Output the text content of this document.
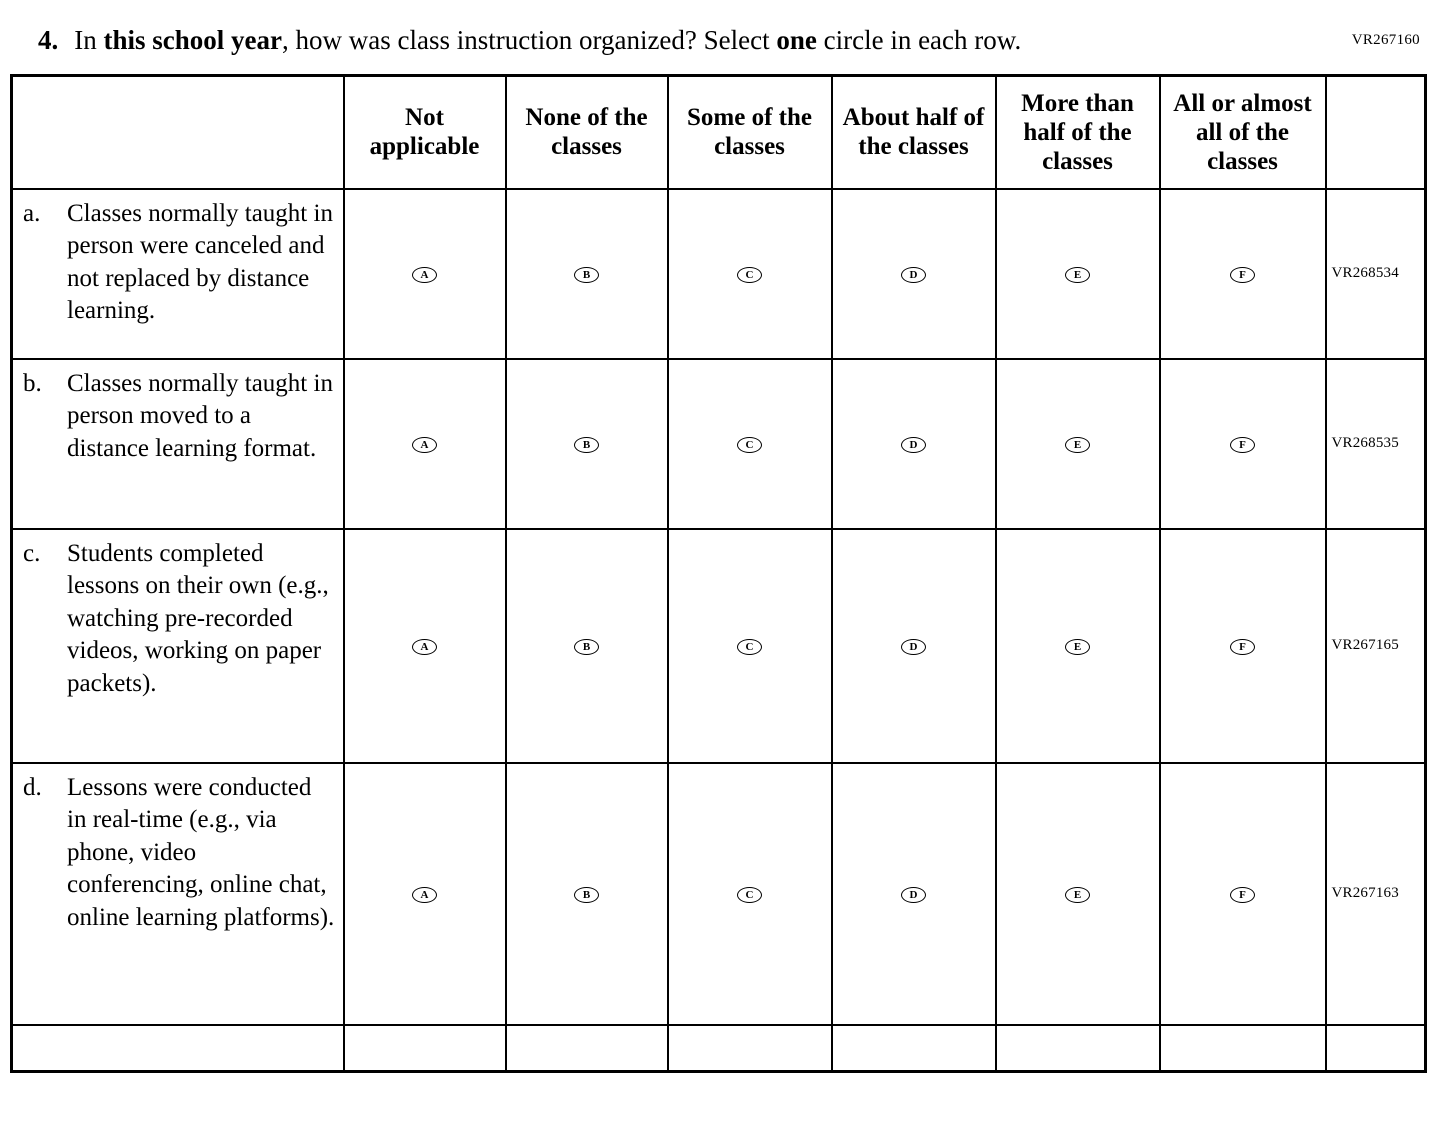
VR267160
4. In this school year, how was class instruction organized? Select one circle in each row.
	Not applicable	None of the classes	Some of the classes	About half of the classes	More than half of the classes	All or almost all of the classes	

a. Classes normally taught in person were canceled and not replaced by distance learning.	A	B	C	D	E	F	VR268534

b. Classes normally taught in person moved to a distance learning format.	A	B	C	D	E	F	VR268535

c. Students completed lessons on their own (e.g., watching pre-recorded videos, working on paper packets).	A	B	C	D	E	F	VR267165

d. Lessons were conducted in real-time (e.g., via phone, video conferencing, online chat, online learning platforms).	A	B	C	D	E	F	VR267163
